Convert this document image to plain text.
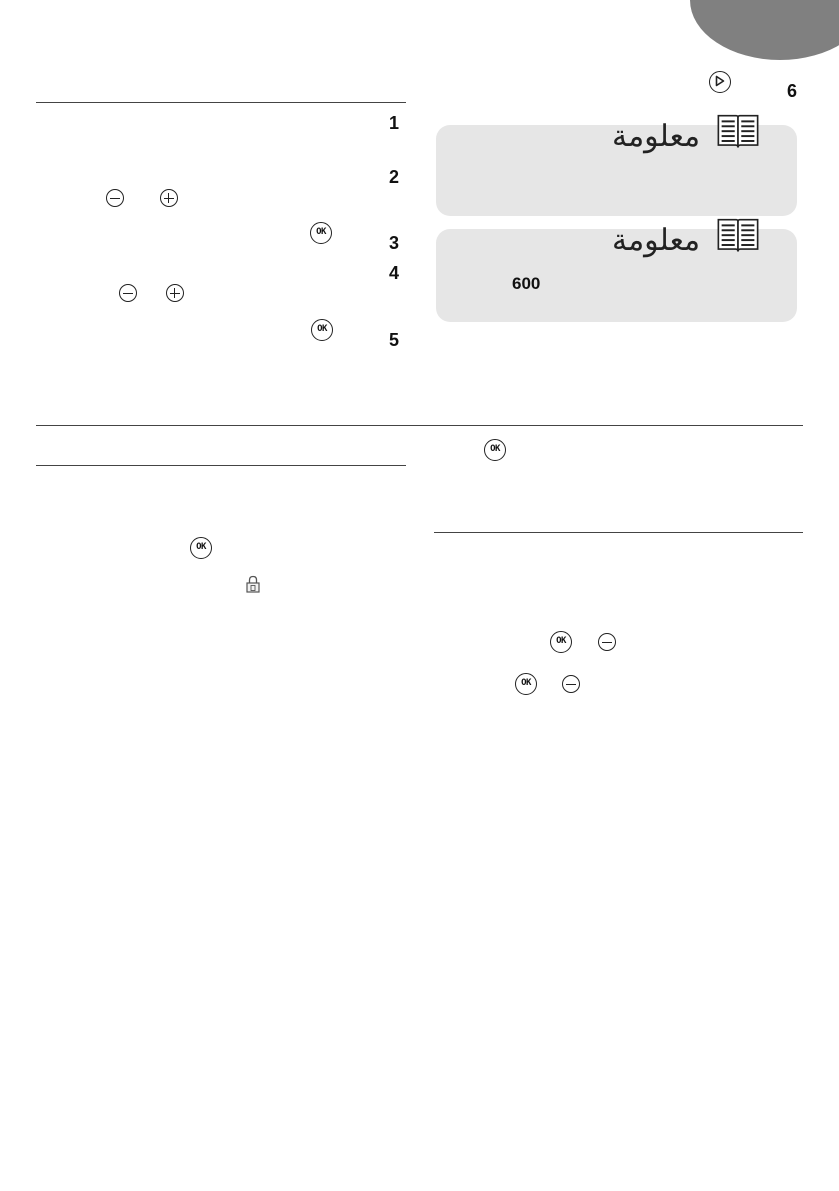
6
1
2
3
4
5
OK
OK
معلومة
معلومة
600
OK
OK
OK
OK
